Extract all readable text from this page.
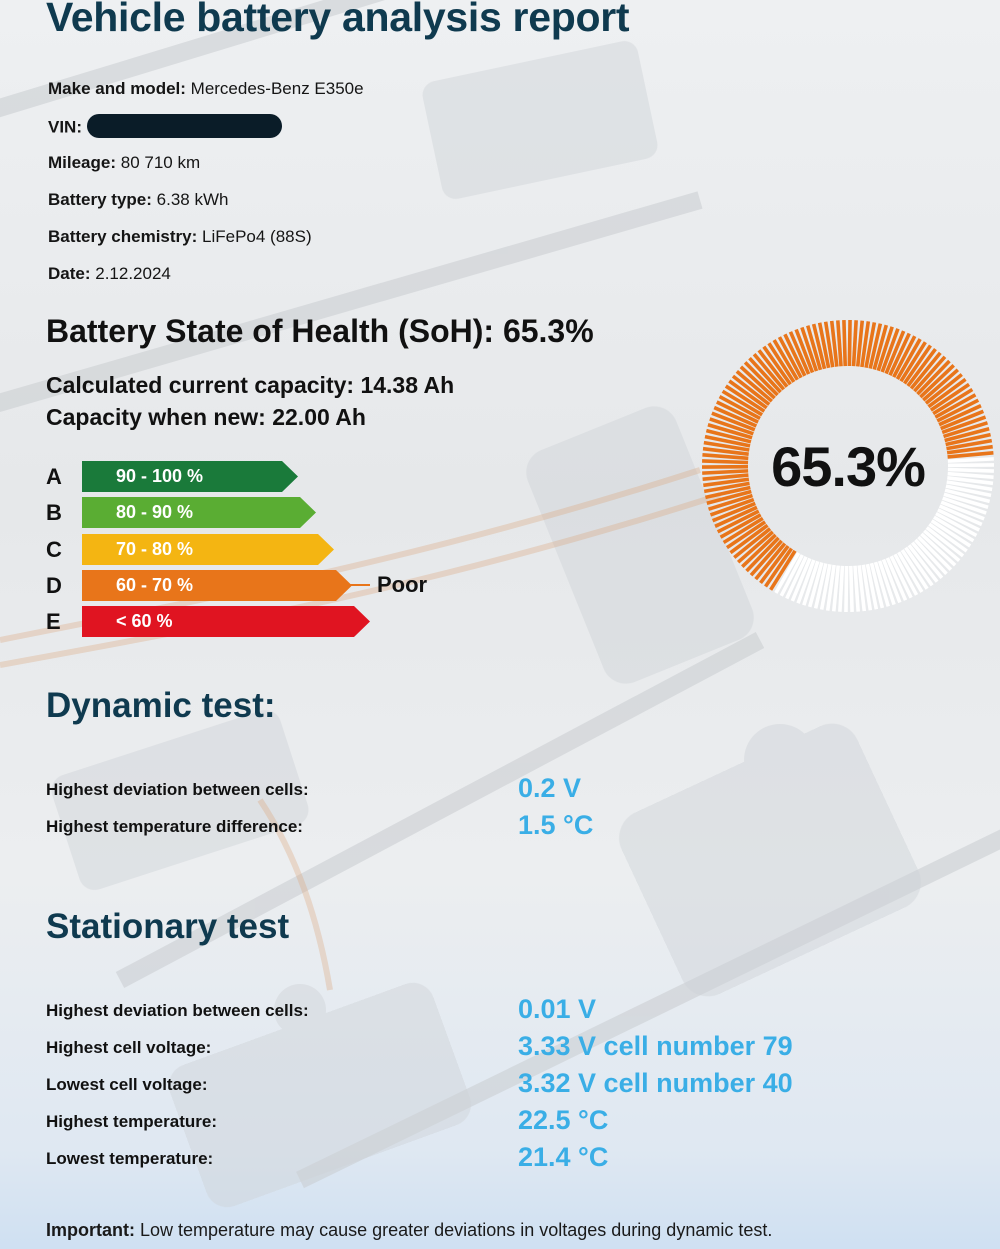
Vehicle battery analysis report
Make and model: Mercedes-Benz E350e
VIN:
Mileage: 80 710 km
Battery type: 6.38 kWh
Battery chemistry: LiFePo4 (88S)
Date: 2.12.2024
Battery State of Health (SoH): 65.3%
Calculated current capacity: 14.38 Ah
Capacity when new: 22.00 Ah
A	90 - 100 %
B	80 - 90 %
C	70 - 80 %
D	60 - 70 %
E	< 60 %
Poor
65.3%
Dynamic test:
Highest deviation between cells:	0.2 V
Highest temperature difference:	1.5 °C
Stationary test
Highest deviation between cells:	0.01 V
Highest cell voltage:	3.33 V cell number 79
Lowest cell voltage:	3.32 V cell number 40
Highest temperature:	22.5 °C
Lowest temperature:	21.4 °C
Important: Low temperature may cause greater deviations in voltages during dynamic test.
